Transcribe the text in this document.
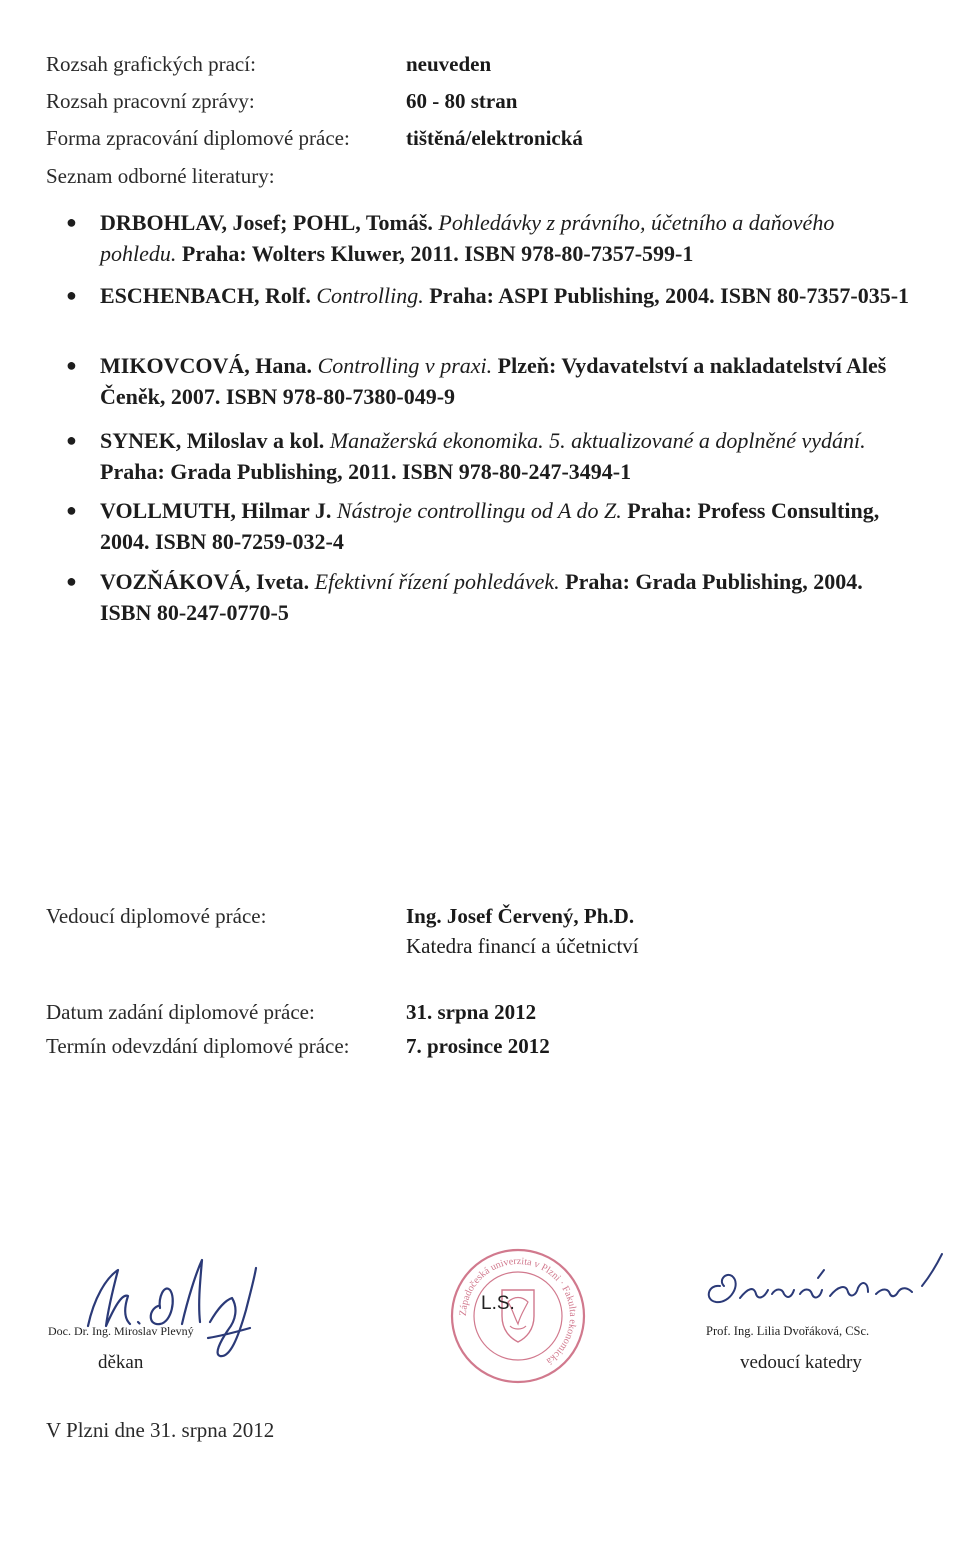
Rozsah grafických prací:	neuveden
Rozsah pracovní zprávy:	60 - 80 stran
Forma zpracování diplomové práce:	tištěná/elektronická
Seznam odborné literatury:
● DRBOHLAV, Josef; POHL, Tomáš. Pohledávky z právního, účetního a daňového pohledu. Praha: Wolters Kluwer, 2011. ISBN 978-80-7357-599-1
● ESCHENBACH, Rolf. Controlling. Praha: ASPI Publishing, 2004. ISBN 80-7357-035-1
● MIKOVCOVÁ, Hana. Controlling v praxi. Plzeň: Vydavatelství a nakladatelství Aleš Čeněk, 2007. ISBN 978-80-7380-049-9
● SYNEK, Miloslav a kol. Manažerská ekonomika. 5. aktualizované a doplněné vydání. Praha: Grada Publishing, 2011. ISBN 978-80-247-3494-1
● VOLLMUTH, Hilmar J. Nástroje controllingu od A do Z. Praha: Profess Consulting, 2004. ISBN 80-7259-032-4
● VOZŇÁKOVÁ, Iveta. Efektivní řízení pohledávek. Praha: Grada Publishing, 2004. ISBN 80-247-0770-5
Vedoucí diplomové práce:	Ing. Josef Červený, Ph.D.
Katedra financí a účetnictví
Datum zadání diplomové práce:	31. srpna 2012
Termín odevzdání diplomové práce:	7. prosince 2012
Doc. Dr. Ing. Miroslav Plevný
děkan
Západočeská univerzita v Plzni · Fakulta ekonomická
L.S.
Prof. Ing. Lilia Dvořáková, CSc.
vedoucí katedry
V Plzni dne 31. srpna 2012
